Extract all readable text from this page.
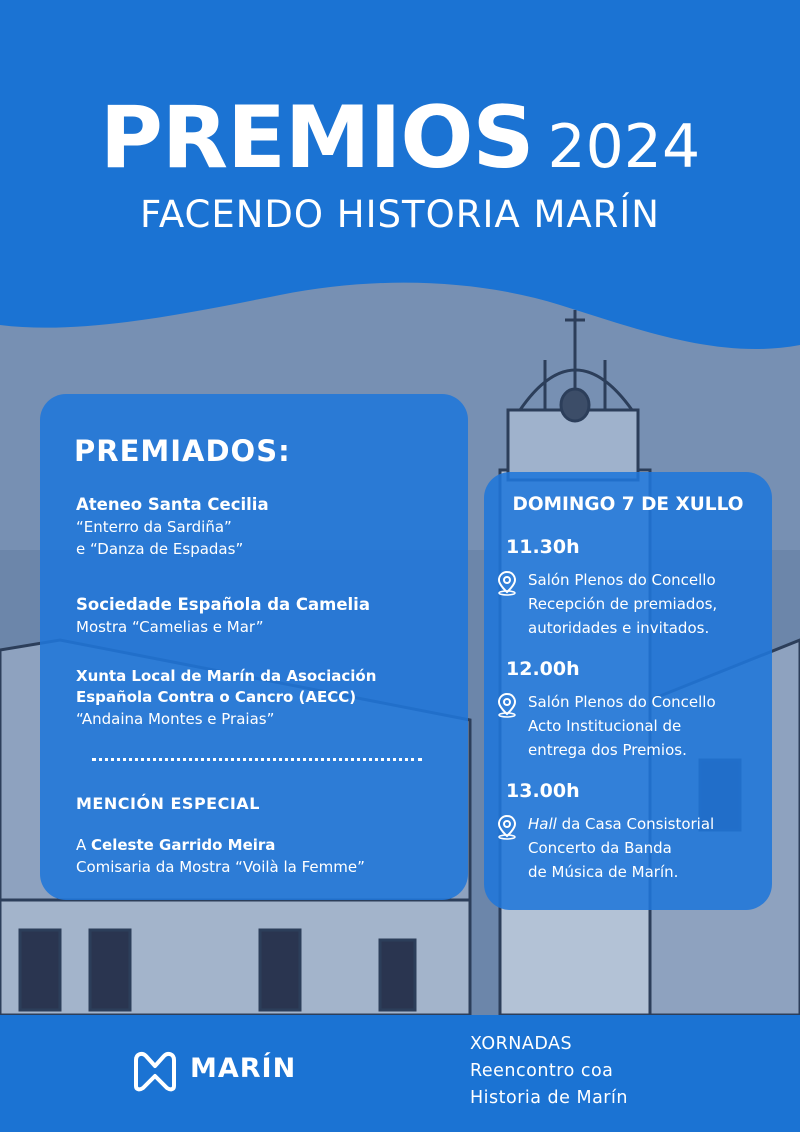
PREMIOS 2024
FACENDO HISTORIA MARÍN
PREMIADOS:
Ateneo Santa Cecilia
“Enterro da Sardiña”
e “Danza de Espadas”
Sociedade Española da Camelia
Mostra “Camelias e Mar”
Xunta Local de Marín da Asociación
Española Contra o Cancro (AECC)
“Andaina Montes e Praias”
MENCIÓN ESPECIAL
A Celeste Garrido Meira
Comisaria da Mostra “Voilà la Femme”
DOMINGO 7 DE XULLO
11.30h
Salón Plenos do Concello
Recepción de premiados,
autoridades e invitados.
12.00h
Salón Plenos do Concello
Acto Institucional de
entrega dos Premios.
13.00h
Hall da Casa Consistorial
Concerto da Banda
de Música de Marín.
MARÍN
XORNADAS
Reencontro coa
Historia de Marín
